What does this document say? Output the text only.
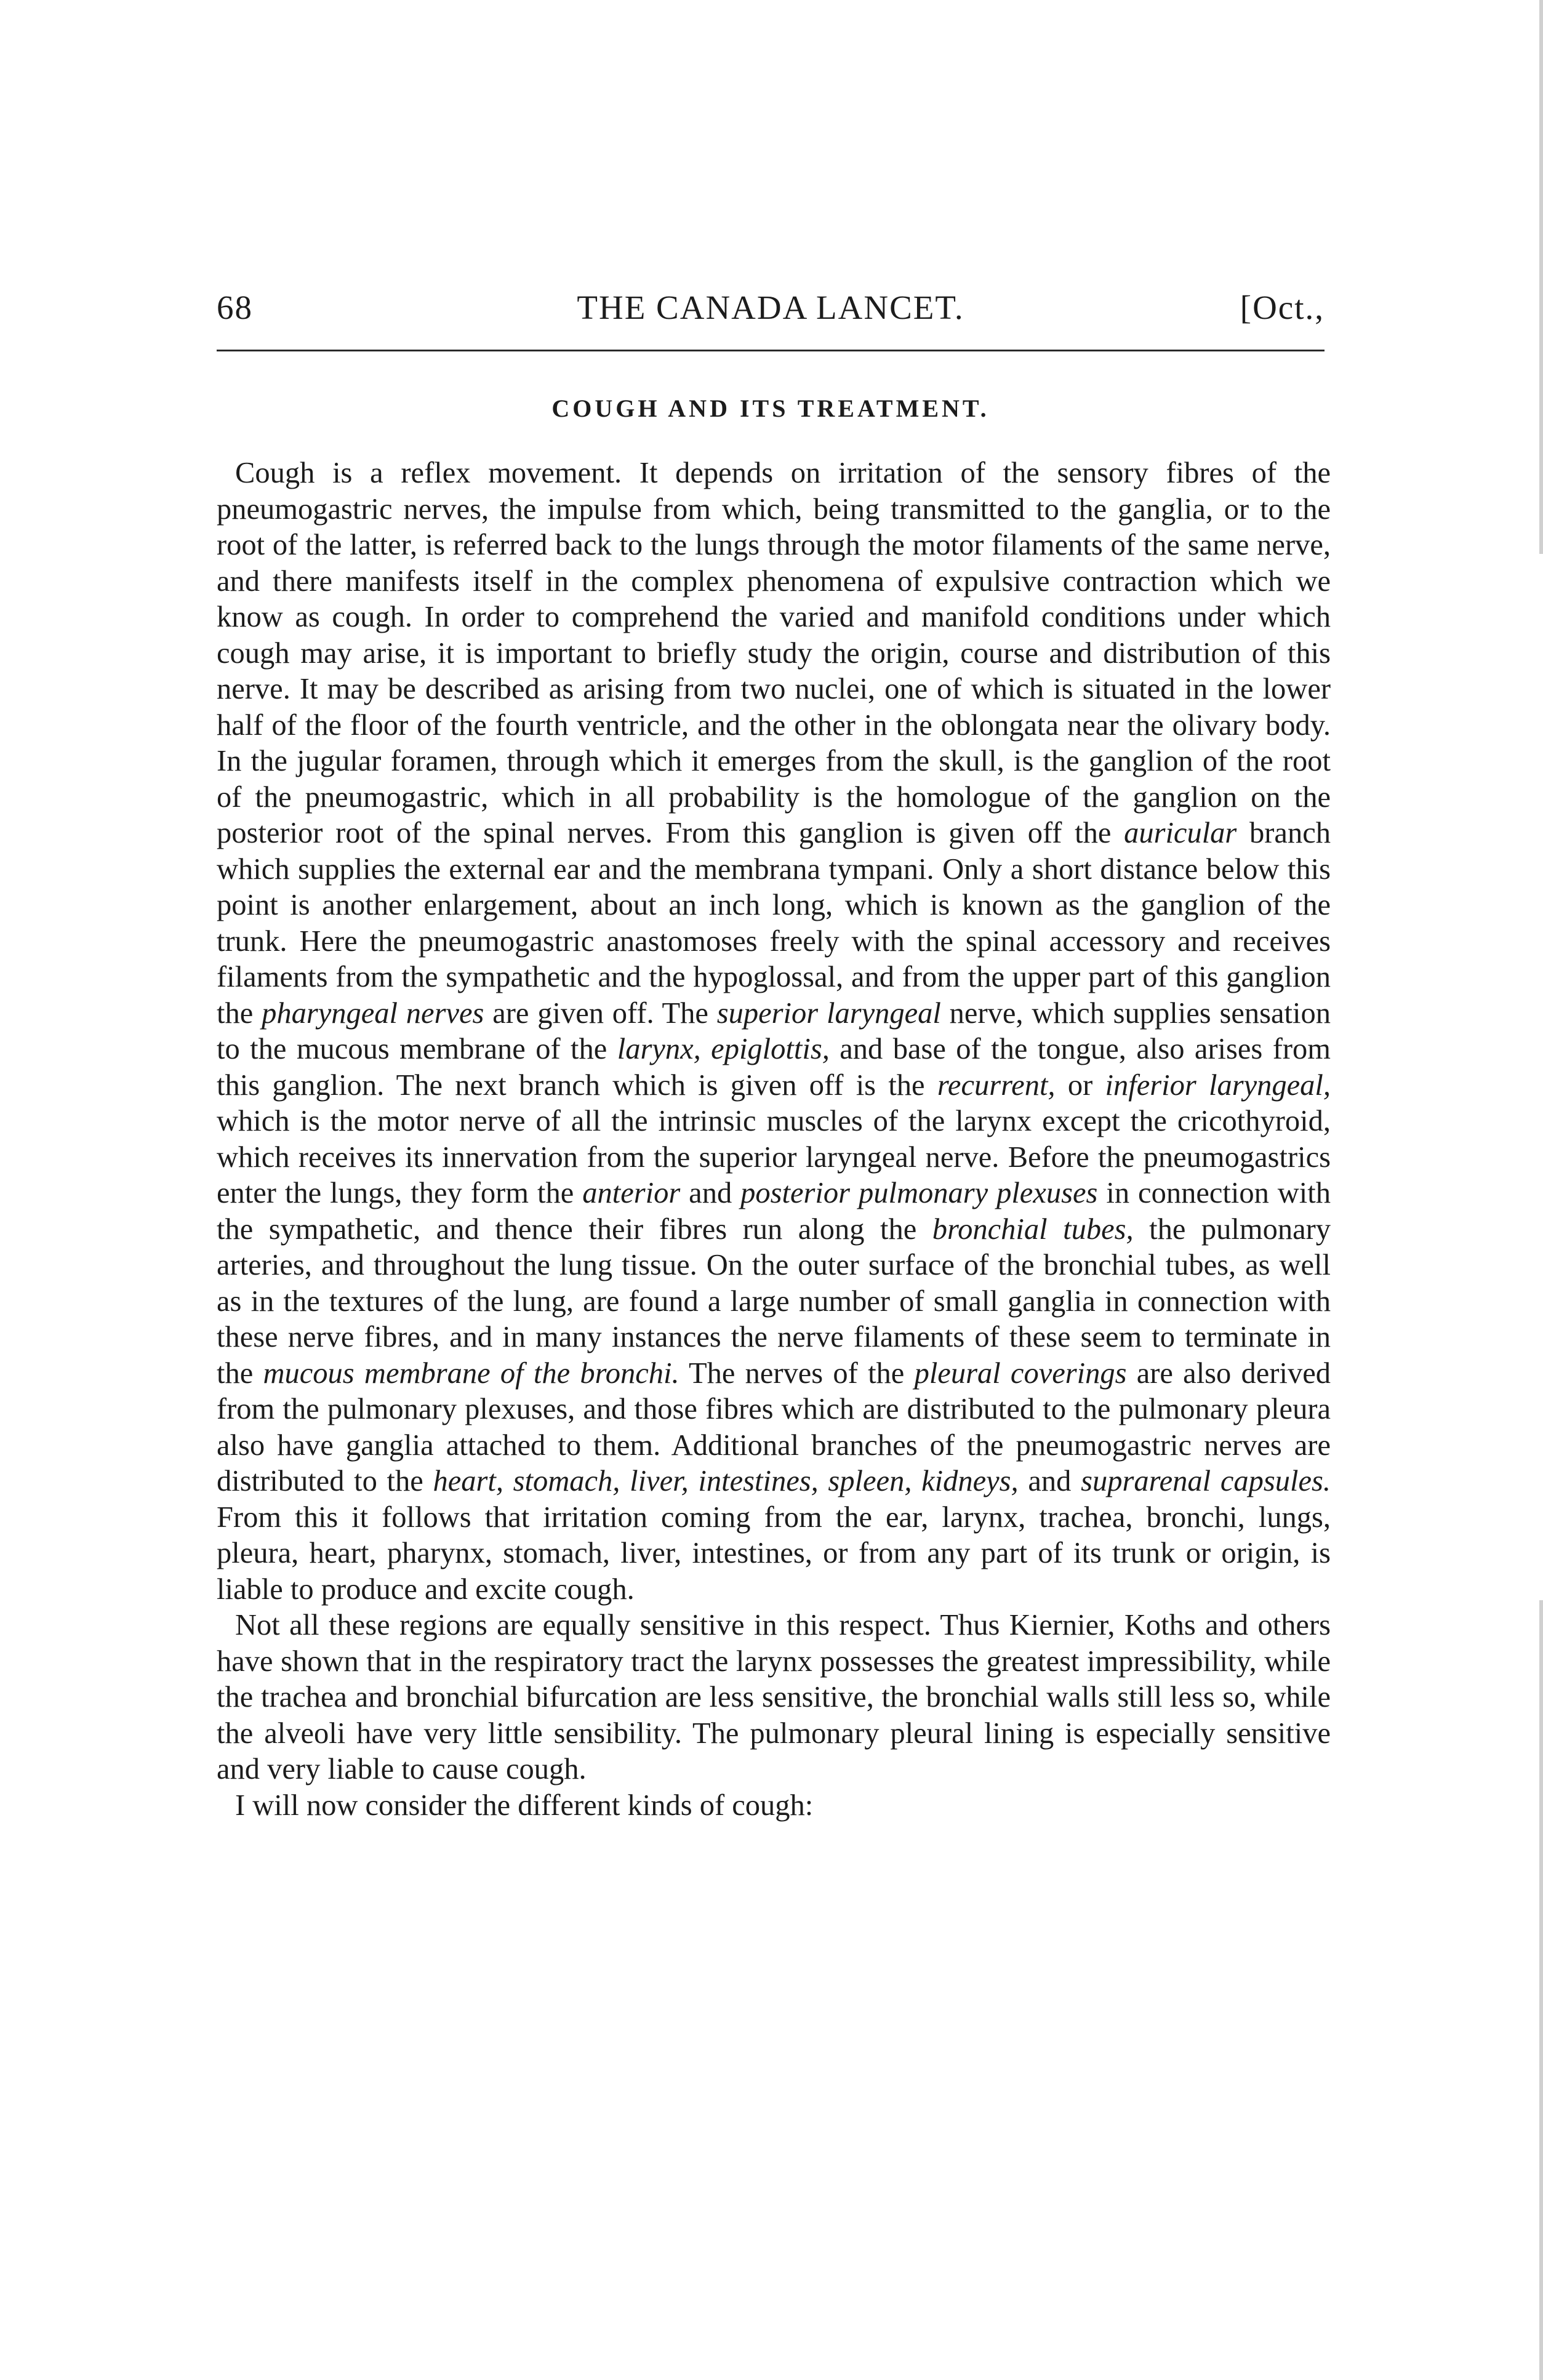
68	THE CANADA LANCET.	[Oct.,
COUGH AND ITS TREATMENT.

Cough is a reflex movement. It depends on irritation of the sensory fibres of the pneumogastric nerves, the impulse from which, being transmitted to the ganglia, or to the root of the latter, is referred back to the lungs through the motor filaments of the same nerve, and there manifests itself in the complex phenomena of expulsive contraction which we know as cough. In order to comprehend the varied and manifold conditions under which cough may arise, it is important to briefly study the origin, course and distribution of this nerve. It may be described as arising from two nuclei, one of which is situated in the lower half of the floor of the fourth ventricle, and the other in the oblongata near the olivary body. In the jugular foramen, through which it emerges from the skull, is the ganglion of the root of the pneumogastric, which in all probability is the homologue of the ganglion on the posterior root of the spinal nerves. From this ganglion is given off the auricular branch which supplies the external ear and the membrana tympani. Only a short distance below this point is another enlargement, about an inch long, which is known as the ganglion of the trunk. Here the pneumogastric anastomoses freely with the spinal accessory and receives filaments from the sympathetic and the hypoglossal, and from the upper part of this ganglion the pharyngeal nerves are given off. The superior laryngeal nerve, which supplies sensation to the mucous membrane of the larynx, epiglottis, and base of the tongue, also arises from this ganglion. The next branch which is given off is the recurrent, or inferior laryngeal, which is the motor nerve of all the intrinsic muscles of the larynx except the cricothyroid, which receives its innervation from the superior laryngeal nerve. Before the pneumogastrics enter the lungs, they form the anterior and posterior pulmonary plexuses in connection with the sympathetic, and thence their fibres run along the bronchial tubes, the pulmonary arteries, and throughout the lung tissue. On the outer surface of the bronchial tubes, as well as in the textures of the lung, are found a large number of small ganglia in connection with these nerve fibres, and in many instances the nerve filaments of these seem to terminate in the mucous membrane of the bronchi. The nerves of the pleural coverings are also derived from the pulmonary plexuses, and those fibres which are distributed to the pulmonary pleura also have ganglia attached to them. Additional branches of the pneumogastric nerves are distributed to the heart, stomach, liver, intestines, spleen, kidneys, and suprarenal capsules. From this it follows that irritation coming from the ear, larynx, trachea, bronchi, lungs, pleura, heart, pharynx, stomach, liver, intestines, or from any part of its trunk or origin, is liable to produce and excite cough.

Not all these regions are equally sensitive in this respect. Thus Kiernier, Koths and others have shown that in the respiratory tract the larynx possesses the greatest impressibility, while the trachea and bronchial bifurcation are less sensitive, the bronchial walls still less so, while the alveoli have very little sensibility. The pulmonary pleural lining is especially sensitive and very liable to cause cough.

I will now consider the different kinds of cough:
